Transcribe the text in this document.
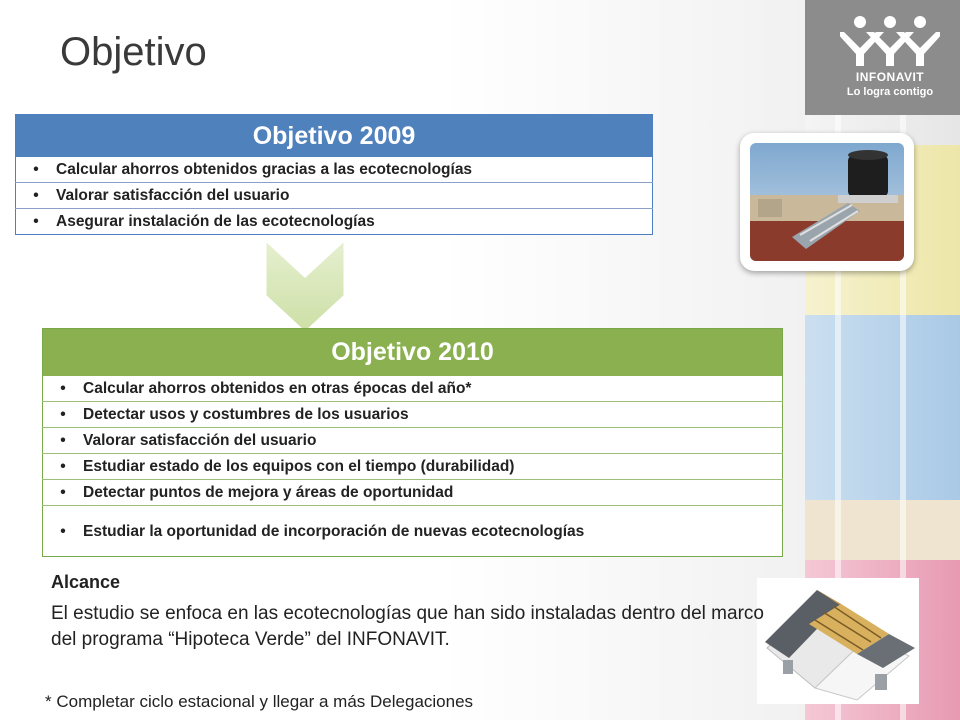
INFONAVIT
Lo logra contigo
Objetivo
Objetivo 2009

•	Calcular ahorros obtenidos gracias a las ecotecnologías

•	Valorar satisfacción del usuario

•	Asegurar instalación de las ecotecnologías
Objetivo 2010

•	Calcular ahorros obtenidos en otras épocas del año*

•	Detectar usos y costumbres de los usuarios

•	Valorar satisfacción del usuario

•	Estudiar estado de los equipos con el tiempo (durabilidad)

•	Detectar puntos de mejora y áreas de oportunidad

•	Estudiar la oportunidad de incorporación de nuevas ecotecnologías
Alcance
El estudio se enfoca en las ecotecnologías que han sido instaladas dentro del marco del programa “Hipoteca Verde” del INFONAVIT.
* Completar ciclo estacional y llegar a más Delegaciones
